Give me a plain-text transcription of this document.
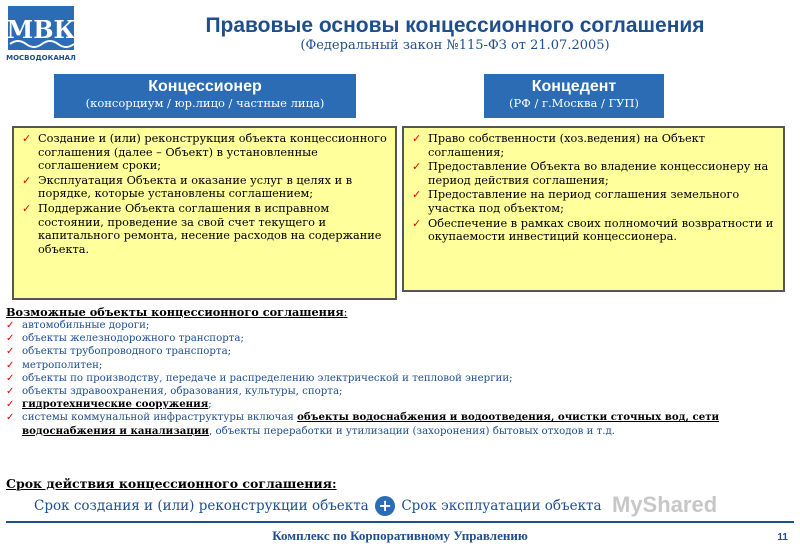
МВК
МОСВОДОКАНАЛ
Правовые основы концессионного соглашения
(Федеральный закон №115-ФЗ от 21.07.2005)
Концессионер
(консорциум / юр.лицо / частные лица)
Концедент
(РФ / г.Москва / ГУП)
✓ Создание и (или) реконструкция объекта концессионного соглашения (далее – Объект) в установленные соглашением сроки;
✓ Эксплуатация Объекта и оказание услуг в целях и в порядке, которые установлены соглашением;
✓ Поддержание Объекта соглашения в исправном состоянии, проведение за свой счет текущего и капитального ремонта, несение расходов на содержание объекта.
✓ Право собственности (хоз.ведения) на Объект соглашения;
✓ Предоставление Объекта во владение концессионеру на период действия соглашения;
✓ Предоставление на период соглашения земельного участка под объектом;
✓ Обеспечение в рамках своих полномочий возвратности и окупаемости инвестиций концессионера.
Возможные объекты концессионного соглашения:
✓ автомобильные дороги;
✓ объекты железнодорожного транспорта;
✓ объекты трубопроводного транспорта;
✓ метрополитен;
✓ объекты по производству, передаче и распределению электрической и тепловой энергии;
✓ объекты здравоохранения, образования, культуры, спорта;
✓ гидротехнические сооружения;
✓ системы коммунальной инфраструктуры включая объекты водоснабжения и водоотведения, очистки сточных вод, сети водоснабжения и канализации, объекты переработки и утилизации (захоронения) бытовых отходов и т.д.
Срок действия концессионного соглашения:
Срок создания и (или) реконструкции объекта + Срок эксплуатации объекта MyShared
Комплекс по Корпоративному Управлению	11
